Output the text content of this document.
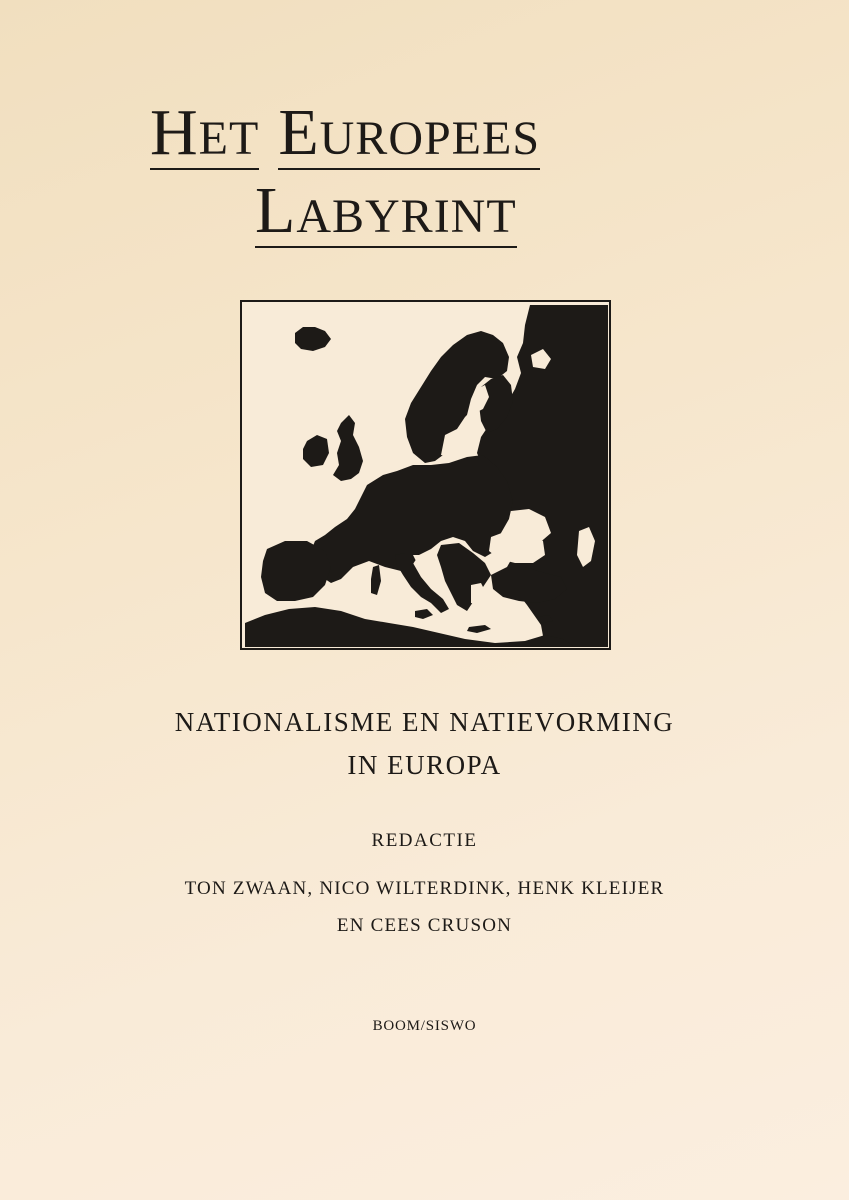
HET EUROPEES
LABYRINT
NATIONALISME EN NATIEVORMING
IN EUROPA
REDACTIE
TON ZWAAN, NICO WILTERDINK, HENK KLEIJER
EN CEES CRUSON
BOOM/SISWO
